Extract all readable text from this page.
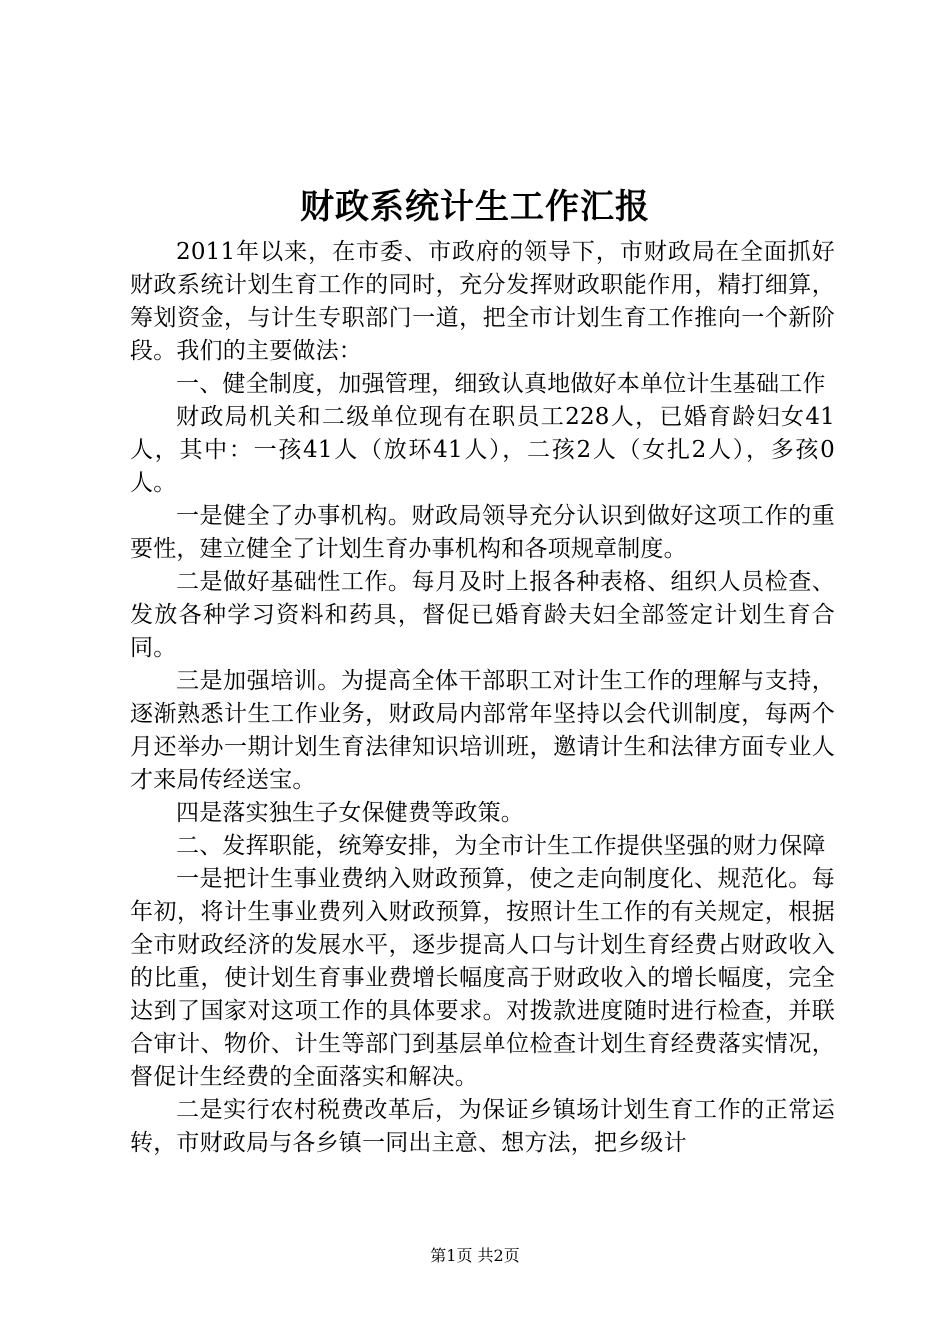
财政系统计生工作汇报

2011年以来，在市委、市政府的领导下，市财政局在全面抓好财政系统计划生育工作的同时，充分发挥财政职能作用，精打细算，筹划资金，与计生专职部门一道，把全市计划生育工作推向一个新阶段。我们的主要做法：

一、健全制度，加强管理，细致认真地做好本单位计生基础工作

财政局机关和二级单位现有在职员工228人，已婚育龄妇女41人，其中：一孩41人（放环41人），二孩2人（女扎2人），多孩0人。

一是健全了办事机构。财政局领导充分认识到做好这项工作的重要性，建立健全了计划生育办事机构和各项规章制度。

二是做好基础性工作。每月及时上报各种表格、组织人员检查、发放各种学习资料和药具，督促已婚育龄夫妇全部签定计划生育合同。

三是加强培训。为提高全体干部职工对计生工作的理解与支持，逐渐熟悉计生工作业务，财政局内部常年坚持以会代训制度，每两个月还举办一期计划生育法律知识培训班，邀请计生和法律方面专业人才来局传经送宝。

四是落实独生子女保健费等政策。

二、发挥职能，统筹安排，为全市计生工作提供坚强的财力保障

一是把计生事业费纳入财政预算，使之走向制度化、规范化。每年初，将计生事业费列入财政预算，按照计生工作的有关规定，根据全市财政经济的发展水平，逐步提高人口与计划生育经费占财政收入的比重，使计划生育事业费增长幅度高于财政收入的增长幅度，完全达到了国家对这项工作的具体要求。对拨款进度随时进行检查，并联合审计、物价、计生等部门到基层单位检查计划生育经费落实情况，督促计生经费的全面落实和解决。

二是实行农村税费改革后，为保证乡镇场计划生育工作的正常运转，市财政局与各乡镇一同出主意、想方法，把乡级计

第1页 共2页
